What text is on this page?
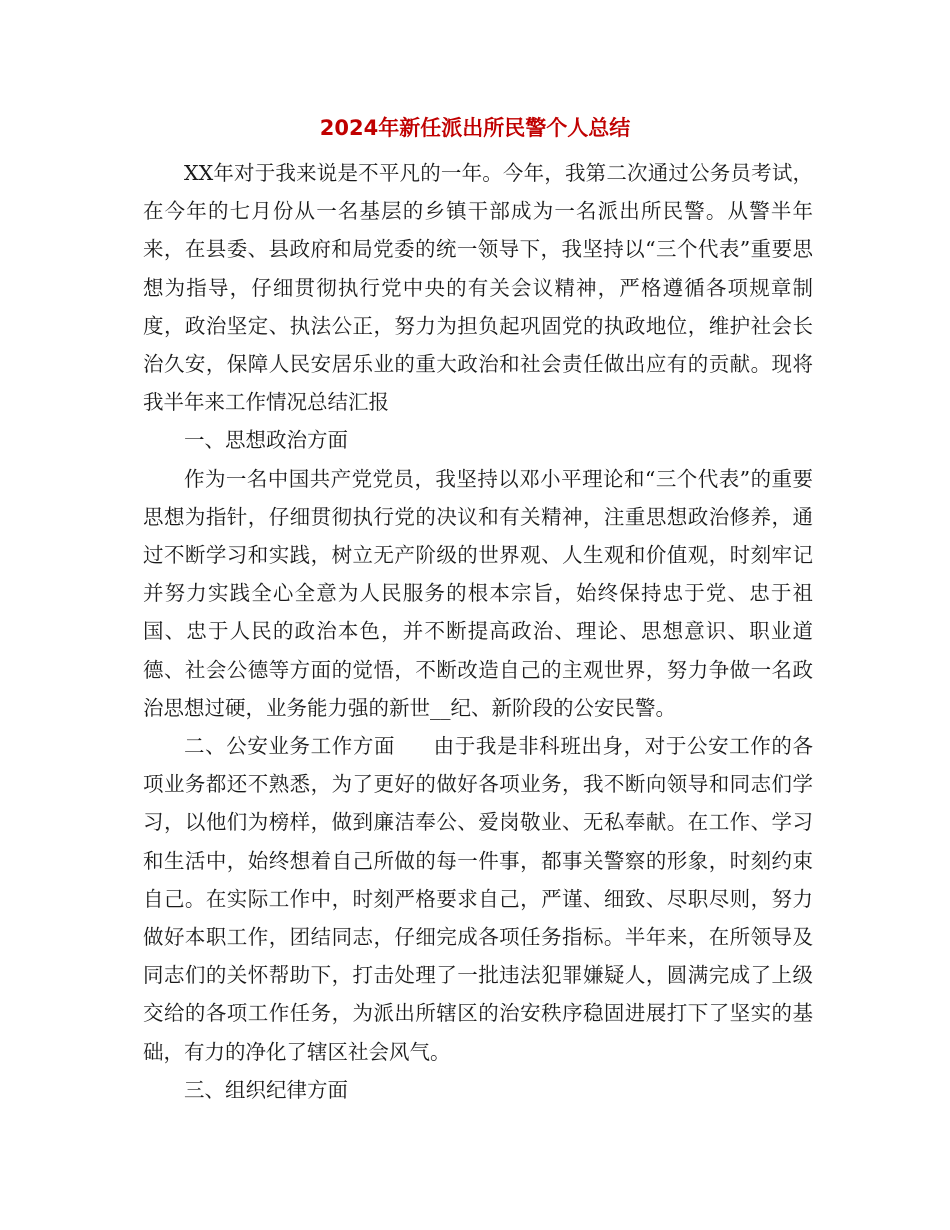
2024年新任派出所民警个人总结

XX年对于我来说是不平凡的一年。今年，我第二次通过公务员考试，在今年的七月份从一名基层的乡镇干部成为一名派出所民警。从警半年来，在县委、县政府和局党委的统一领导下，我坚持以“三个代表”重要思想为指导，仔细贯彻执行党中央的有关会议精神，严格遵循各项规章制度，政治坚定、执法公正，努力为担负起巩固党的执政地位，维护社会长治久安，保障人民安居乐业的重大政治和社会责任做出应有的贡献。现将我半年来工作情况总结汇报

一、思想政治方面

作为一名中国共产党党员，我坚持以邓小平理论和“三个代表”的重要思想为指针，仔细贯彻执行党的决议和有关精神，注重思想政治修养，通过不断学习和实践，树立无产阶级的世界观、人生观和价值观，时刻牢记并努力实践全心全意为人民服务的根本宗旨，始终保持忠于党、忠于祖国、忠于人民的政治本色，并不断提高政治、理论、思想意识、职业道德、社会公德等方面的觉悟，不断改造自己的主观世界，努力争做一名政治思想过硬，业务能力强的新世__纪、新阶段的公安民警。

二、公安业务工作方面 由于我是非科班出身，对于公安工作的各项业务都还不熟悉，为了更好的做好各项业务，我不断向领导和同志们学习，以他们为榜样，做到廉洁奉公、爱岗敬业、无私奉献。在工作、学习和生活中，始终想着自己所做的每一件事，都事关警察的形象，时刻约束自己。在实际工作中，时刻严格要求自己，严谨、细致、尽职尽则，努力做好本职工作，团结同志，仔细完成各项任务指标。半年来，在所领导及同志们的关怀帮助下，打击处理了一批违法犯罪嫌疑人，圆满完成了上级交给的各项工作任务，为派出所辖区的治安秩序稳固进展打下了坚实的基础，有力的净化了辖区社会风气。

三、组织纪律方面
